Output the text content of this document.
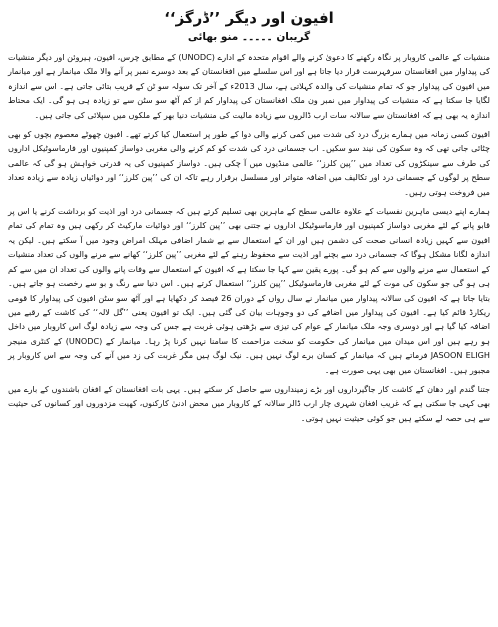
افیون اور دیگر ’’ڈرگز‘‘
گریبان ۔۔۔۔۔ منو بھائی

منشیات کے عالمی کاروبار پر نگاہ رکھنے کا دعویٰ کرنے والے اقوام متحدہ کے ادارے (UNODC) کے مطابق چرس، افیون، ہیروئن اور دیگر منشیات کی پیداوار میں افغانستان سرفہرست قرار دیا جاتا ہے اور اس سلسلے میں افغانستان کے بعد دوسرے نمبر پر آنے والا ملک میانمار ہے اور میانمار میں افیون کی پیداوار جو کہ تمام منشیات کی والدہ کہلاتی ہے، سال 2013ء کے آخر تک سولہ سو ٹن کے قریب بتائی جاتی ہے۔ اس سے اندازہ لگایا جا سکتا ہے کہ منشیات کی پیداوار میں نمبر ون ملک افغانستان کی پیداوار کم از کم آٹھ سو سٹن سے تو زیادہ ہی ہو گی۔ ایک محتاط اندازہ یہ بھی ہے کہ افغانستان سے سالانہ سات ارب ڈالروں سے زیادہ مالیت کی منشیات دنیا بھر کے ملکوں میں سپلائی کی جاتی ہیں۔

افیون کسی زمانہ میں ہمارے بزرگ درد کی شدت میں کمی کرنے والی دوا کے طور پر استعمال کیا کرتے تھے۔ افیون چھوٹے معصوم بچوں کو بھی چٹائی جاتی تھی کہ وہ سکون کی نیند سو سکیں۔ اب جسمانی درد کی شدت کو کم کرنے والی مغربی دواساز کمپنیوں اور فارماسوٹیکل اداروں کی طرف سے سینکڑوں کی تعداد میں ’’پین کلرز‘‘ عالمی منڈیوں میں آ چکی ہیں۔ دواساز کمپنیوں کی یہ قدرتی خواہش ہو گی کہ عالمی سطح پر لوگوں کے جسمانی درد اور تکالیف میں اضافہ متواتر اور مسلسل برقرار رہے تاکہ ان کی ’’پین کلرز‘‘ اور دوائیاں زیادہ سے زیادہ تعداد میں فروخت ہوتی رہیں۔

ہمارے اپنے دیسی ماہرین نفسیات کے علاوہ عالمی سطح کے ماہرین بھی تسلیم کرتے ہیں کہ جسمانی درد اور اذیت کو برداشت کرنے یا اس پر قابو پانے کے لئے مغربی دواساز کمپنیوں اور فارماسوٹیکل اداروں نے جتنی بھی ’’پین کلرز‘‘ اور دوائیات مارکیٹ کر رکھی ہیں وہ تمام کی تمام افیون سے کہیں زیادہ انسانی صحت کی دشمن ہیں اور ان کے استعمال سے بے شمار اضافی مہلک امراض وجود میں آ سکتے ہیں۔ لیکن یہ اندازہ لگانا مشکل ہوگا کہ جسمانی درد سے بچنے اور اذیت سے محفوظ رہنے کے لئے مغربی ’’پین کلرز‘‘ کھانے سے مرنے والوں کی تعداد منشیات کے استعمال سے مرنے والوں سے کم ہو گی۔ پورے یقین سے کہا جا سکتا ہے کہ افیون کے استعمال سے وفات پانے والوں کی تعداد ان میں سے کم ہی ہو گی جو سکون کی موت کے لئے مغربی فارماسوٹیکل ’’پین کلرز‘‘ استعمال کرتے ہیں۔ اس دنیا سے رنگ و بو سے رخصت ہو جاتے ہیں۔ بتایا جاتا ہے کہ افیون کی سالانہ پیداوار میں میانمار نے سال رواں کے دوران 26 فیصد کر دکھایا ہے اور آٹھ سو سٹن افیون کی پیداوار کا قومی ریکارڈ قائم کیا ہے۔ افیون کی پیداوار میں اضافے کی دو وجوہات بیان کی گئی ہیں۔ ایک تو افیون یعنی ’’گل لالہ‘‘ کی کاشت کے رقبے میں اضافہ کیا گیا ہے اور دوسری وجہ ملک میانمار کے عوام کی تیزی سے بڑھتی ہوئی غربت ہے جس کی وجہ سے زیادہ لوگ اس کاروبار میں داخل ہو رہے ہیں اور اس میدان میں میانمار کی حکومت کو سخت مزاحمت کا سامنا نہیں کرنا پڑ رہا۔ میانمار کے (UNODC) کے کنٹری منیجر JASOON ELIGH فرماتے ہیں کہ میانمار کے کسان برے لوگ نہیں ہیں۔ نیک لوگ ہیں مگر غربت کی زد میں آنے کی وجہ سے اس کاروبار پر مجبور ہیں۔ افغانستان میں بھی یہی صورت ہے۔

جتنا گندم اور دھان کے کاشت کار جاگیرداروں اور بڑے زمینداروں سے حاصل کر سکتے ہیں۔ یہی بات افغانستان کے افغان باشندوں کے بارے میں بھی کہی جا سکتی ہے کہ غریب افغان شہری چار ارب ڈالر سالانہ کے کاروبار میں محض ادنیٰ کارکنوں، کھیت مزدوروں اور کسانوں کی حیثیت سے ہی حصہ لے سکتے ہیں جو کوئی حیثیت نہیں ہوتی۔
